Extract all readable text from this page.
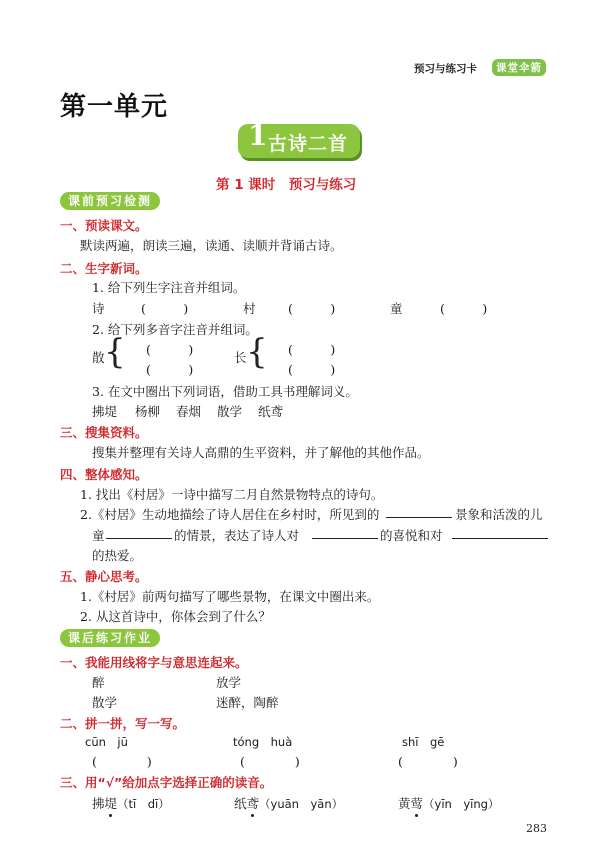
预习与练习卡	课堂伞箭
第一单元
1 古诗二首
第 1 课时　预习与练习
课前预习检测
一、预读课文。
默读两遍，朗读三遍，读通、读顺并背诵古诗。
二、生字新词。
1. 给下列生字注音并组词。
诗	(　　　)	村	(　　　)	童	(　　　)
2. 给下列多音字注音并组词。
散 { (　　　)
(　　　)
长 { (　　　)
(　　　)
3. 在文中圈出下列词语，借助工具书理解词义。
拂堤 杨柳 春烟 散学 纸鸢
三、搜集资料。
搜集并整理有关诗人高鼎的生平资料，并了解他的其他作品。
四、整体感知。
1. 找出《村居》一诗中描写二月自然景物特点的诗句。
2.《村居》生动地描绘了诗人居住在乡村时，所见到的	景象和活泼的儿
童	的情景，表达了诗人对	的喜悦和对
的热爱。
五、静心思考。
1.《村居》前两句描写了哪些景物，在课文中圈出来。
2. 从这首诗中，你体会到了什么？
课后练习作业
一、我能用线将字与意思连起来。
醉	放学
散学	迷醉，陶醉
二、拼一拼，写一写。
cūn　jū	tóng　huà	shī　gē
(　　　　)	(　　　　)	(　　　　)
三、用“√”给加点字选择正确的读音。
拂堤（tī　dī）	纸鸢（yuān　yān）	黄莺（yīn　yīng）
283
